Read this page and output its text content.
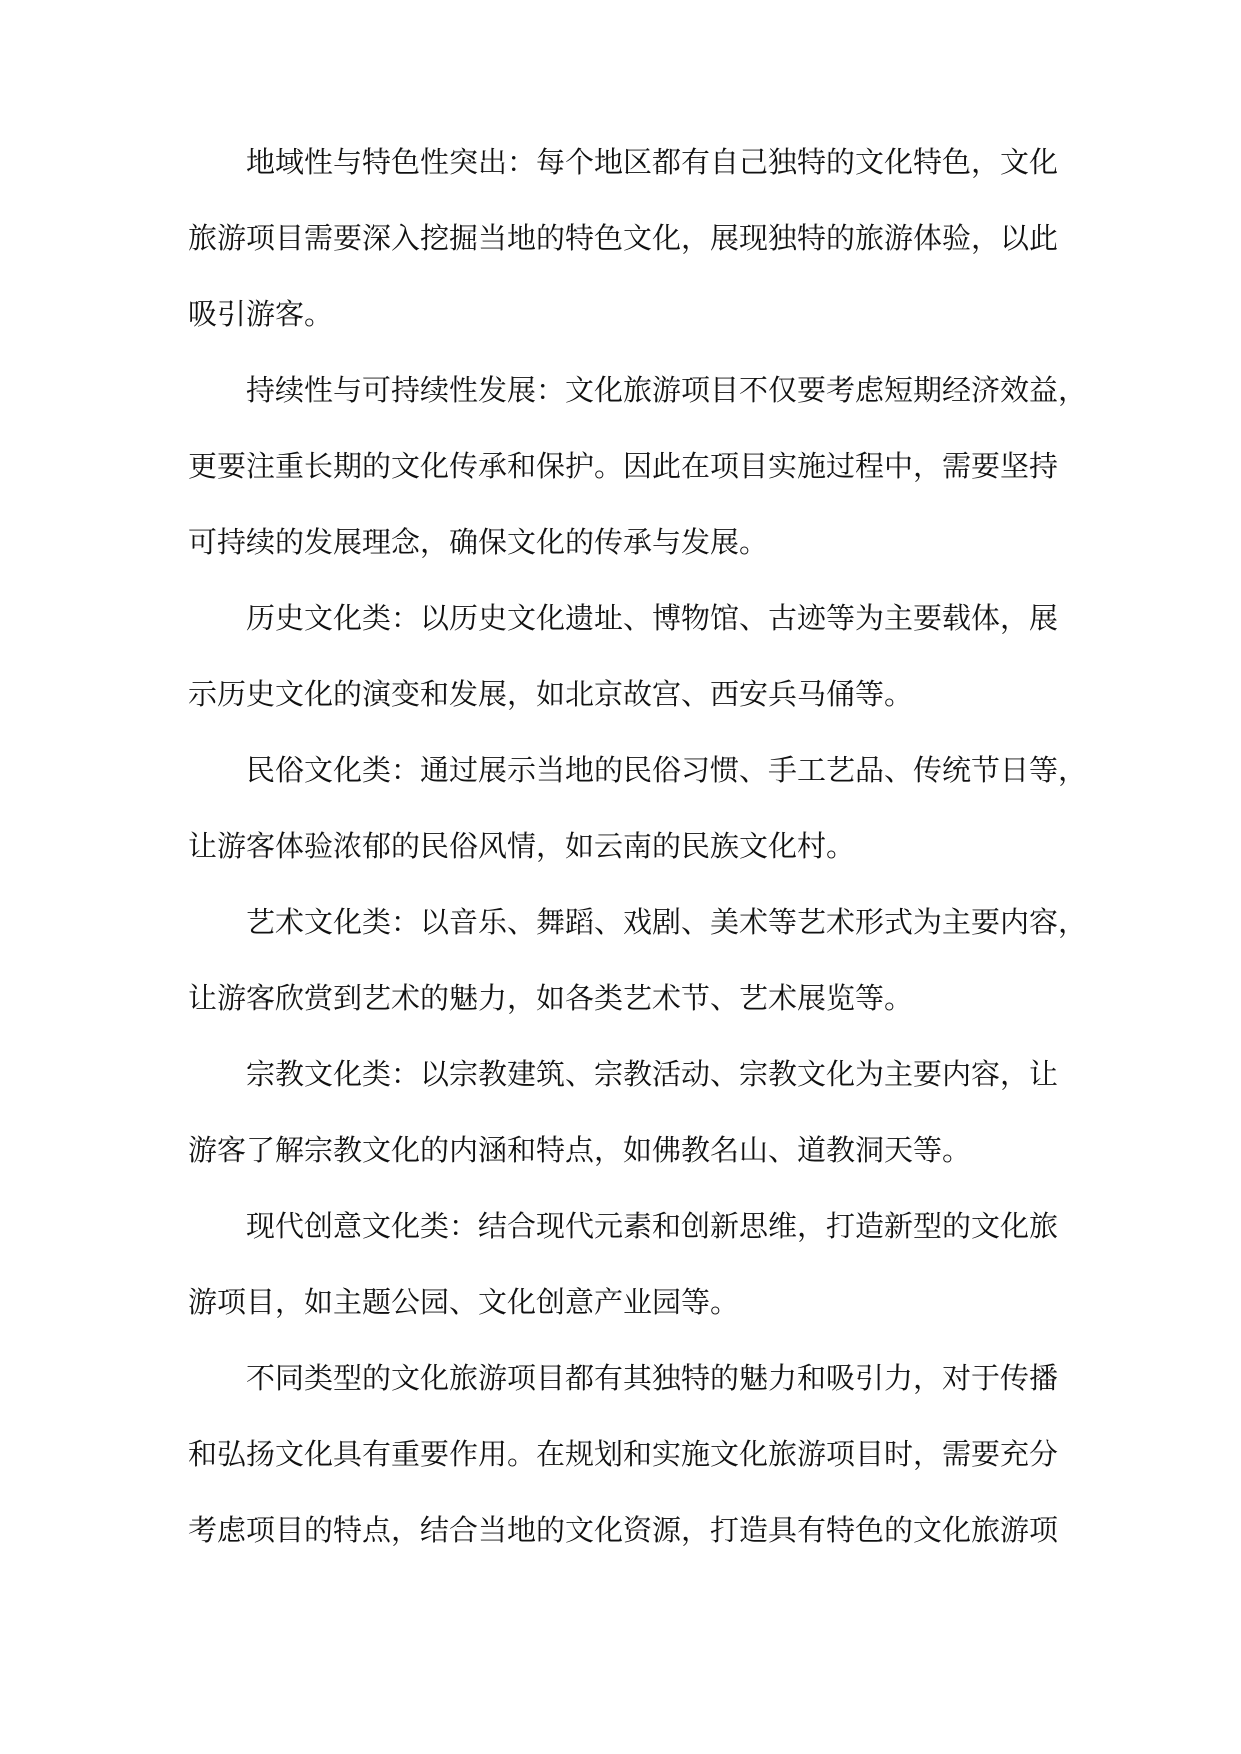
地域性与特色性突出：每个地区都有自己独特的文化特色，文化
旅游项目需要深入挖掘当地的特色文化，展现独特的旅游体验，以此
吸引游客。
持续性与可持续性发展：文化旅游项目不仅要考虑短期经济效益，
更要注重长期的文化传承和保护。因此在项目实施过程中，需要坚持
可持续的发展理念，确保文化的传承与发展。
历史文化类：以历史文化遗址、博物馆、古迹等为主要载体，展
示历史文化的演变和发展，如北京故宫、西安兵马俑等。
民俗文化类：通过展示当地的民俗习惯、手工艺品、传统节日等，
让游客体验浓郁的民俗风情，如云南的民族文化村。
艺术文化类：以音乐、舞蹈、戏剧、美术等艺术形式为主要内容，
让游客欣赏到艺术的魅力，如各类艺术节、艺术展览等。
宗教文化类：以宗教建筑、宗教活动、宗教文化为主要内容，让
游客了解宗教文化的内涵和特点，如佛教名山、道教洞天等。
现代创意文化类：结合现代元素和创新思维，打造新型的文化旅
游项目，如主题公园、文化创意产业园等。
不同类型的文化旅游项目都有其独特的魅力和吸引力，对于传播
和弘扬文化具有重要作用。在规划和实施文化旅游项目时，需要充分
考虑项目的特点，结合当地的文化资源，打造具有特色的文化旅游项
